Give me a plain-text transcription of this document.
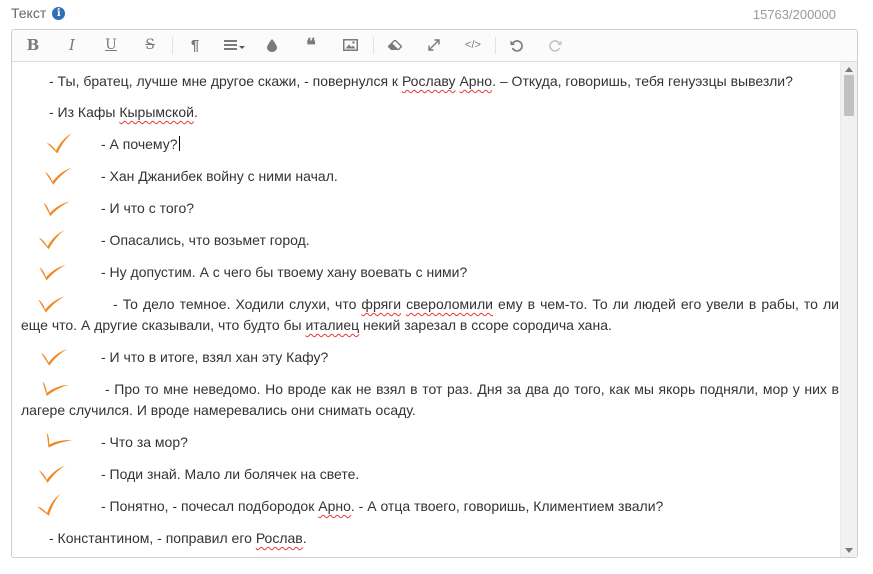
Текст	i	15763/200000
B I U S ¶	❝	</>
- Ты, братец, лучше мне другое скажи, - повернулся к Рославу Арно. – Откуда, говоришь, тебя генуэзцы вывезли?
- Из Кафы Кырымской.
- А почему?
- Хан Джанибек войну с ними начал.
- И что с того?
- Опасались, что возьмет город.
- Ну допустим. А с чего бы твоему хану воевать с ними?
- То дело темное. Ходили слухи, что фряги свероломили ему в чем-то. То ли людей его увели в рабы, то ли еще что. А другие сказывали, что будто бы италиец некий зарезал в ссоре сородича хана.
- И что в итоге, взял хан эту Кафу?
- Про то мне неведомо. Но вроде как не взял в тот раз. Дня за два до того, как мы якорь подняли, мор у них в лагере случился. И вроде намеревались они снимать осаду.
- Что за мор?
- Поди знай. Мало ли болячек на свете.
- Понятно, - почесал подбородок Арно. - А отца твоего, говоришь, Климентием звали?
- Константином, - поправил его Рослав.
